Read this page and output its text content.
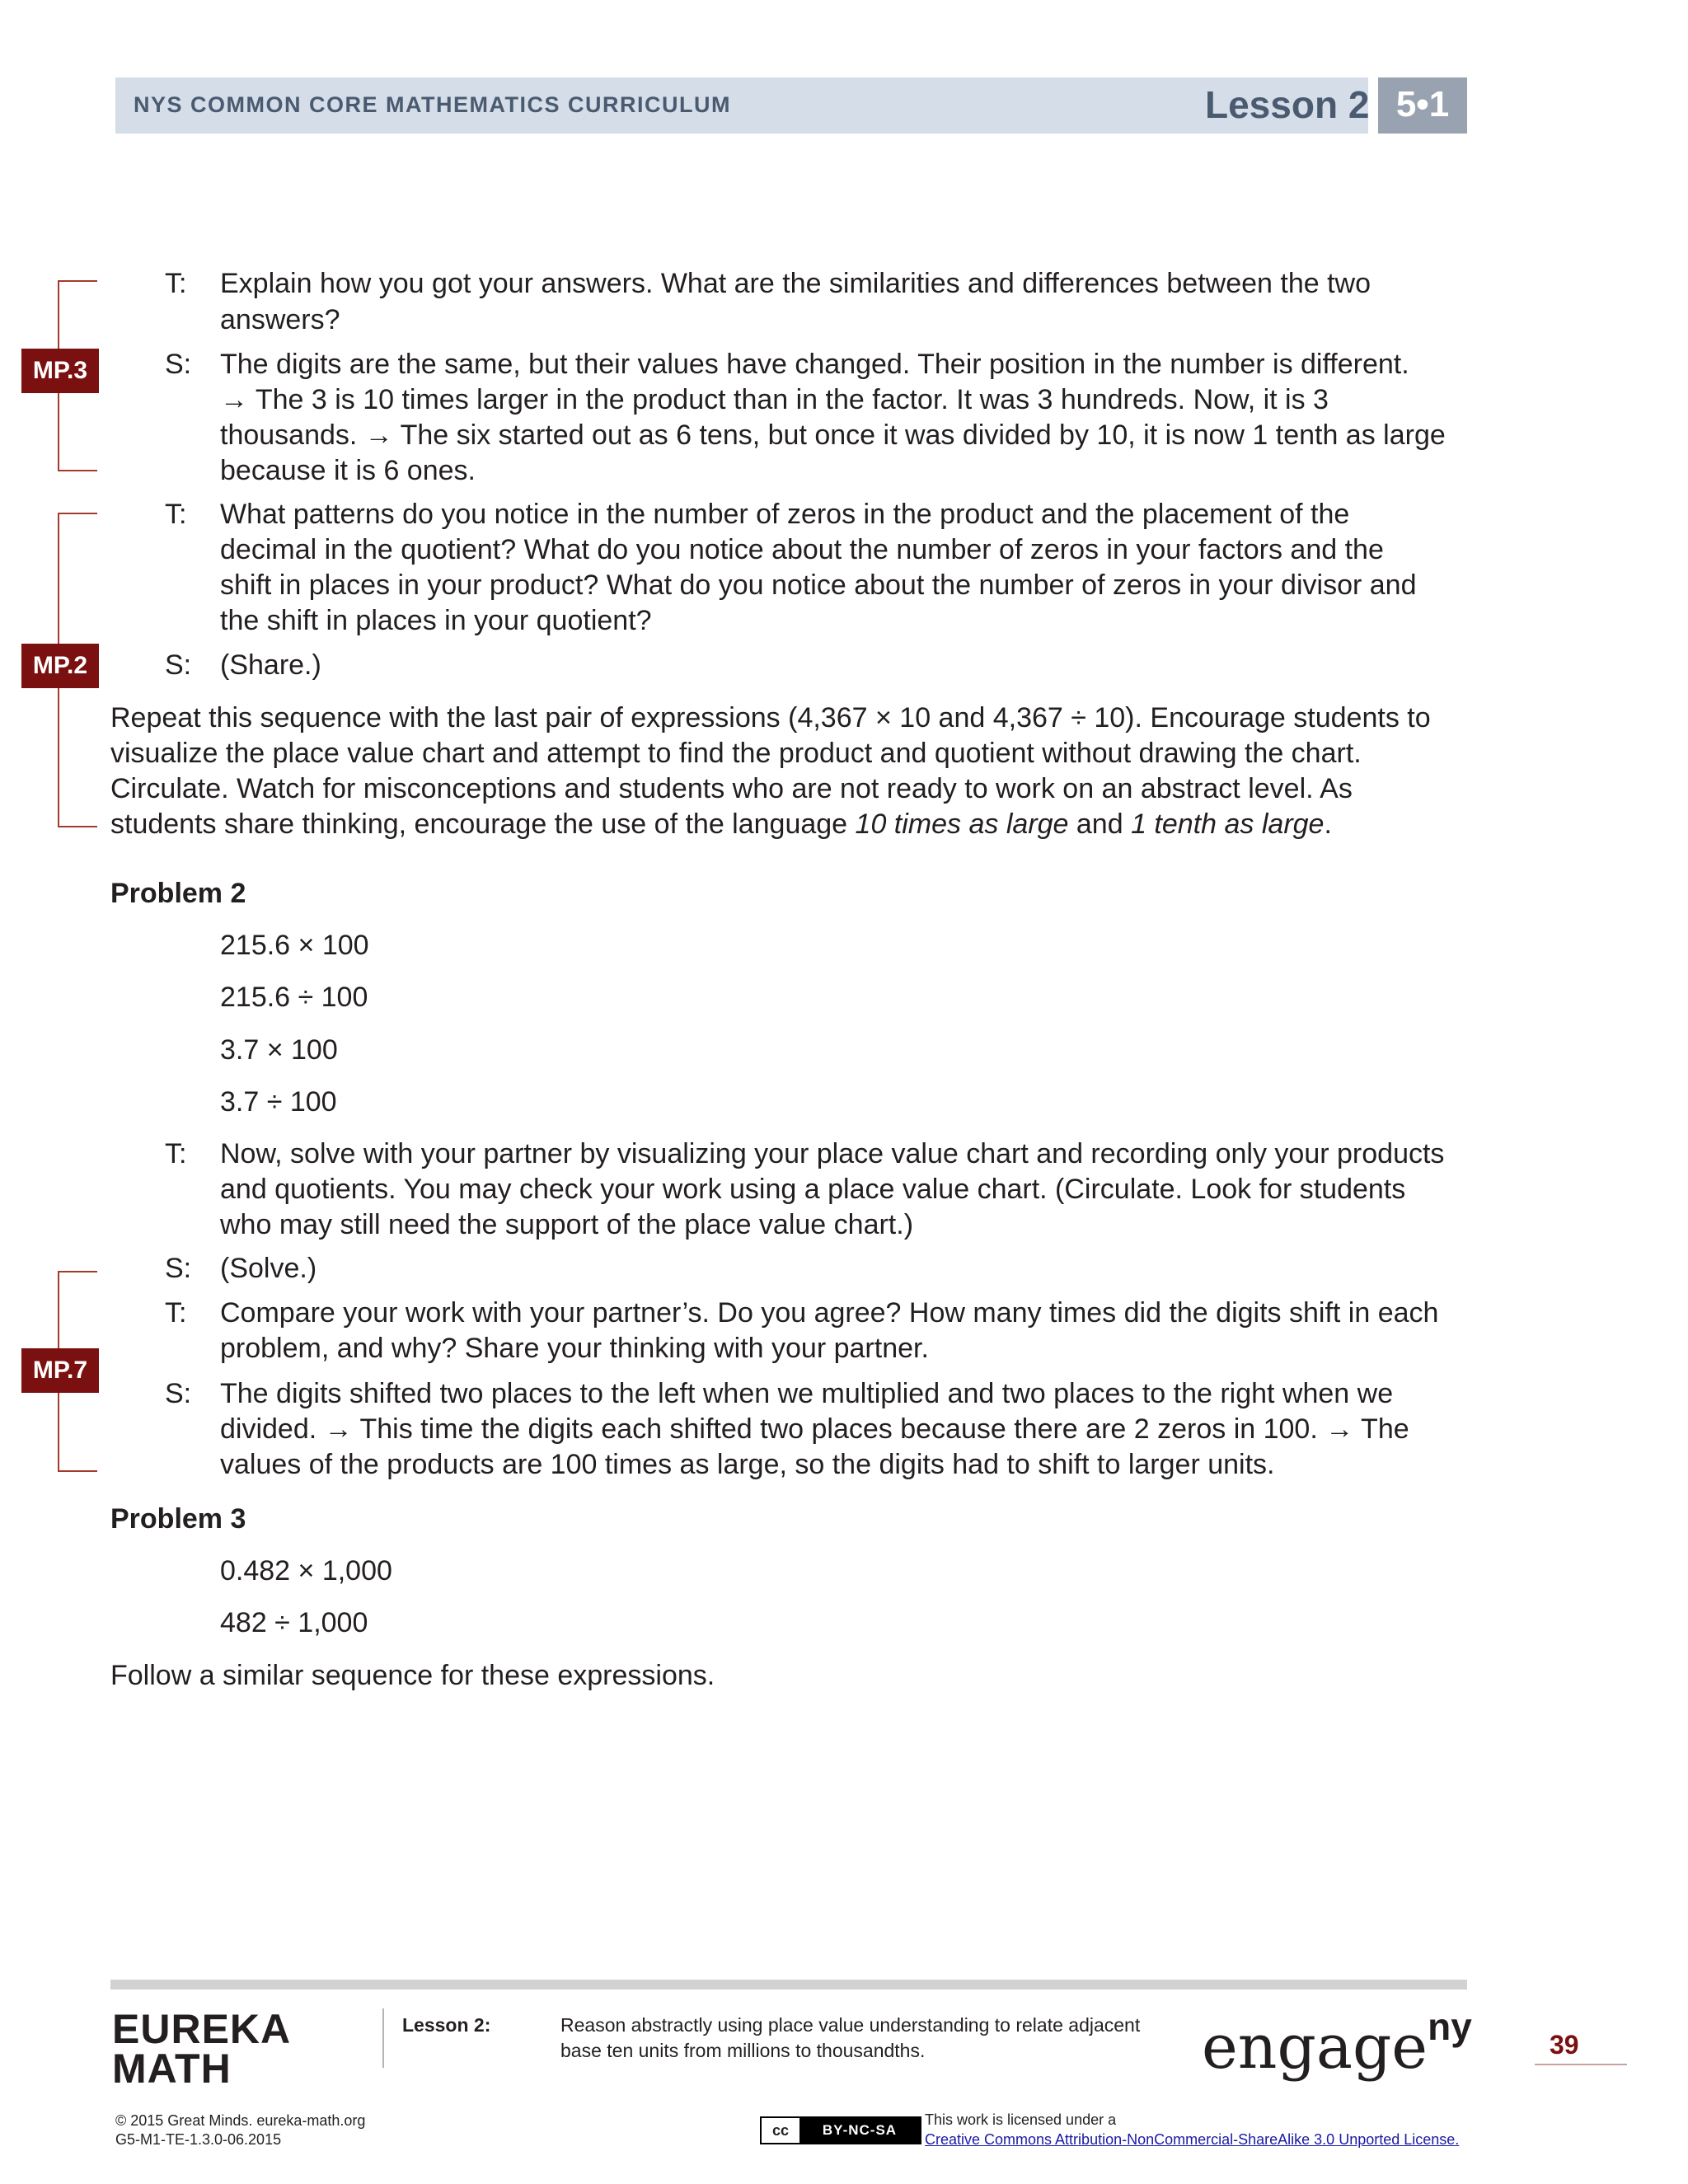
NYS COMMON CORE MATHEMATICS CURRICULUM	Lesson 2 5•1
MP.3
MP.2
MP.7
T:	Explain how you got your answers. What are the similarities and differences between the two
answers?
S:	The digits are the same, but their values have changed. Their position in the number is different.
→ The 3 is 10 times larger in the product than in the factor. It was 3 hundreds. Now, it is 3
thousands. → The six started out as 6 tens, but once it was divided by 10, it is now 1 tenth as large
because it is 6 ones.
T:	What patterns do you notice in the number of zeros in the product and the placement of the
decimal in the quotient? What do you notice about the number of zeros in your factors and the
shift in places in your product? What do you notice about the number of zeros in your divisor and
the shift in places in your quotient?
S:	(Share.)
Repeat this sequence with the last pair of expressions (4,367 × 10 and 4,367 ÷ 10). Encourage students to
visualize the place value chart and attempt to find the product and quotient without drawing the chart.
Circulate. Watch for misconceptions and students who are not ready to work on an abstract level. As
students share thinking, encourage the use of the language 10 times as large and 1 tenth as large.
Problem 2
215.6 × 100
215.6 ÷ 100
3.7 × 100
3.7 ÷ 100
T:	Now, solve with your partner by visualizing your place value chart and recording only your products
and quotients. You may check your work using a place value chart. (Circulate. Look for students
who may still need the support of the place value chart.)
S:	(Solve.)
T:	Compare your work with your partner’s. Do you agree? How many times did the digits shift in each
problem, and why? Share your thinking with your partner.
S:	The digits shifted two places to the left when we multiplied and two places to the right when we
divided. → This time the digits each shifted two places because there are 2 zeros in 100. → The
values of the products are 100 times as large, so the digits had to shift to larger units.
Problem 3
0.482 × 1,000
482 ÷ 1,000
Follow a similar sequence for these expressions.
EUREKA
MATH
Lesson 2:	Reason abstractly using place value understanding to relate adjacent
base ten units from millions to thousandths.	engage$^{ny}$	39
© 2015 Great Minds. eureka-math.org
G5-M1-TE-1.3.0-06.2015
cc	BY-NC-SA
This work is licensed under a
Creative Commons Attribution-NonCommercial-ShareAlike 3.0 Unported License.
